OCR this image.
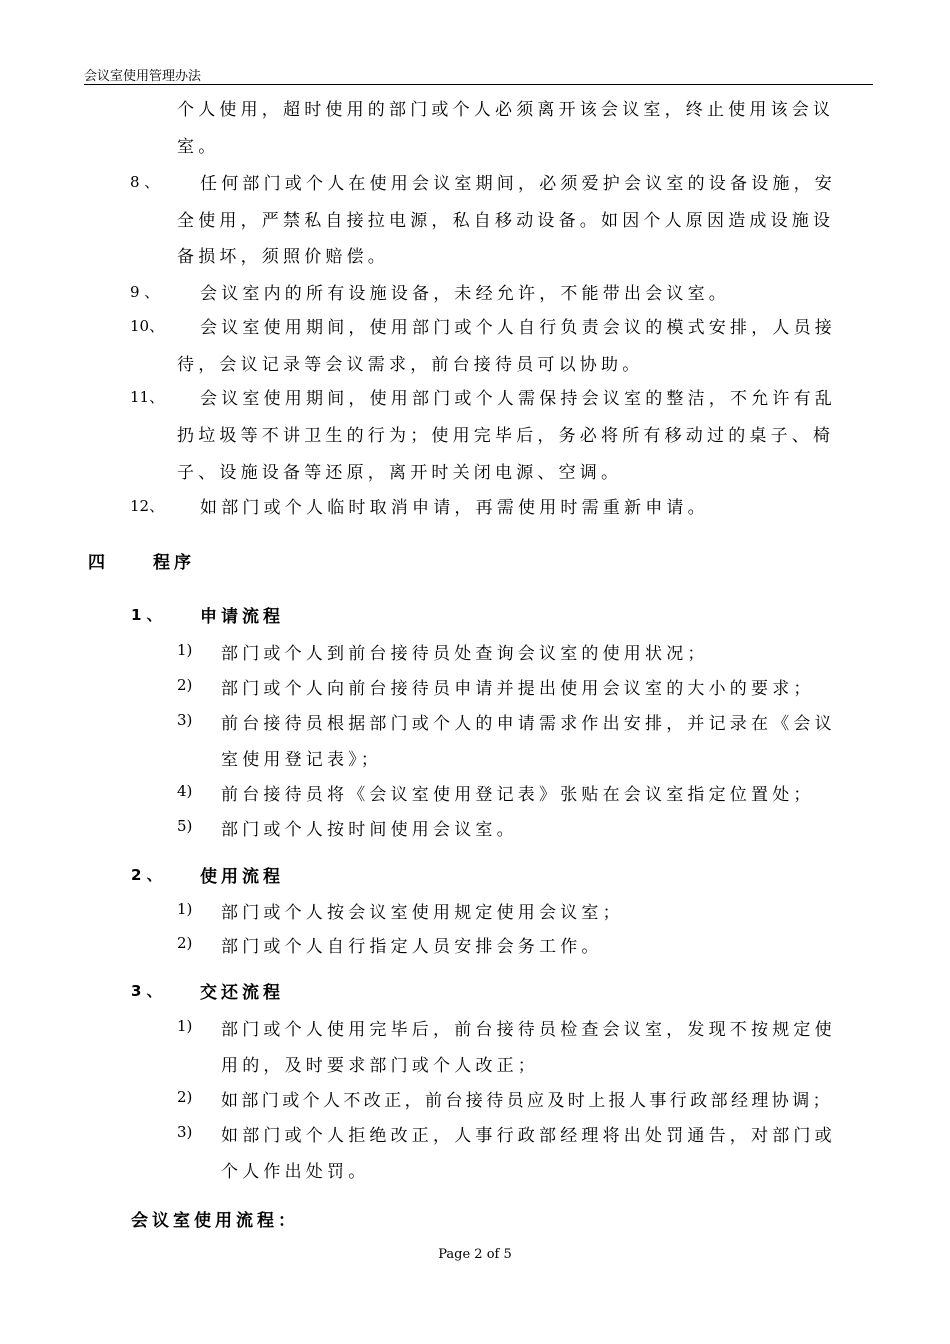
会议室使用管理办法
个人使用，超时使用的部门或个人必须离开该会议室，终止使用该会议
室。
8 、 任何部门或个人在使用会议室期间，必须爱护会议室的设备设施，安
全使用，严禁私自接拉电源，私自移动设备。如因个人原因造成设施设
备损坏，须照价赔偿。
9 、 会议室内的所有设施设备，未经允许，不能带出会议室。
10、 会议室使用期间，使用部门或个人自行负责会议的模式安排，人员接
待，会议记录等会议需求，前台接待员可以协助。
11、 会议室使用期间，使用部门或个人需保持会议室的整洁，不允许有乱
扔垃圾等不讲卫生的行为；使用完毕后，务必将所有移动过的桌子、椅
子、设施设备等还原，离开时关闭电源、空调。
12、 如部门或个人临时取消申请，再需使用时需重新申请。
四	程序
1 、 申请流程
1) 部门或个人到前台接待员处查询会议室的使用状况；
2) 部门或个人向前台接待员申请并提出使用会议室的大小的要求；
3) 前台接待员根据部门或个人的申请需求作出安排，并记录在《会议
室使用登记表》；
4) 前台接待员将《会议室使用登记表》张贴在会议室指定位置处；
5) 部门或个人按时间使用会议室。
2 、 使用流程
1) 部门或个人按会议室使用规定使用会议室；
2) 部门或个人自行指定人员安排会务工作。
3 、 交还流程
1) 部门或个人使用完毕后，前台接待员检查会议室，发现不按规定使
用的，及时要求部门或个人改正；
2) 如部门或个人不改正，前台接待员应及时上报人事行政部经理协调；
3) 如部门或个人拒绝改正，人事行政部经理将出处罚通告，对部门或
个人作出处罚。
会议室使用流程：
Page 2 of 5
